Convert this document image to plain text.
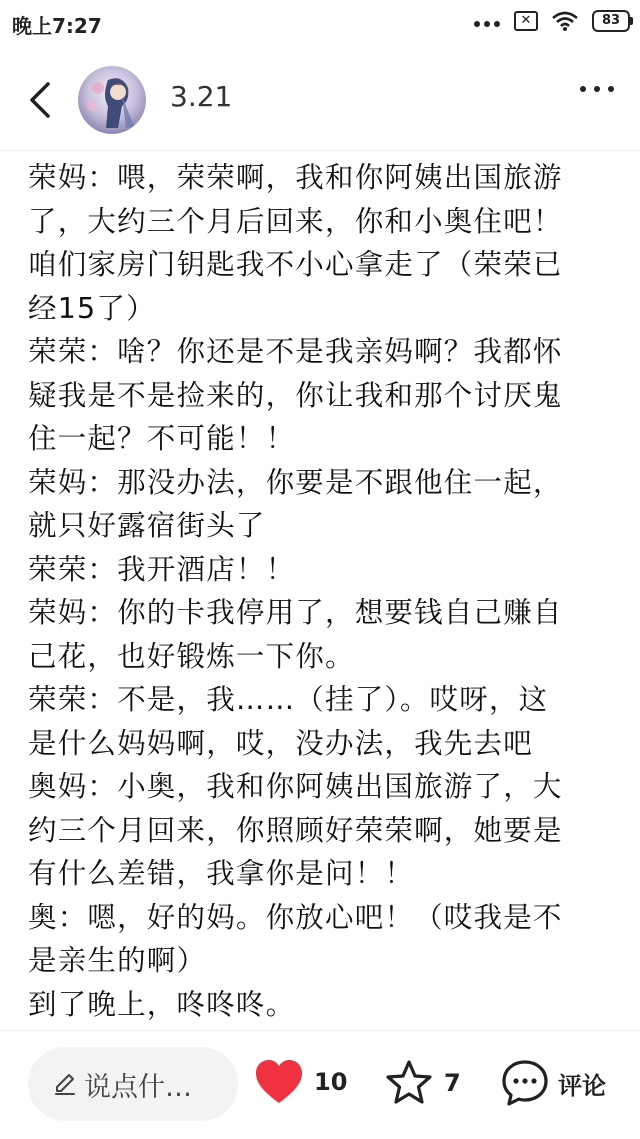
晚上7:27	✕	83
3.21
荣妈：喂，荣荣啊，我和你阿姨出国旅游
了，大约三个月后回来，你和小奥住吧！
咱们家房门钥匙我不小心拿走了（荣荣已
经15了）
荣荣：啥？你还是不是我亲妈啊？我都怀
疑我是不是捡来的，你让我和那个讨厌鬼
住一起？不可能！！
荣妈：那没办法，你要是不跟他住一起，
就只好露宿街头了
荣荣：我开酒店！！
荣妈：你的卡我停用了，想要钱自己赚自
己花，也好锻炼一下你。
荣荣：不是，我……（挂了）。哎呀，这
是什么妈妈啊，哎，没办法，我先去吧
奥妈：小奥，我和你阿姨出国旅游了，大
约三个月回来，你照顾好荣荣啊，她要是
有什么差错，我拿你是问！！
奥：嗯，好的妈。你放心吧！（哎我是不
是亲生的啊）
到了晚上，咚咚咚。
说点什…	10	7	评论
